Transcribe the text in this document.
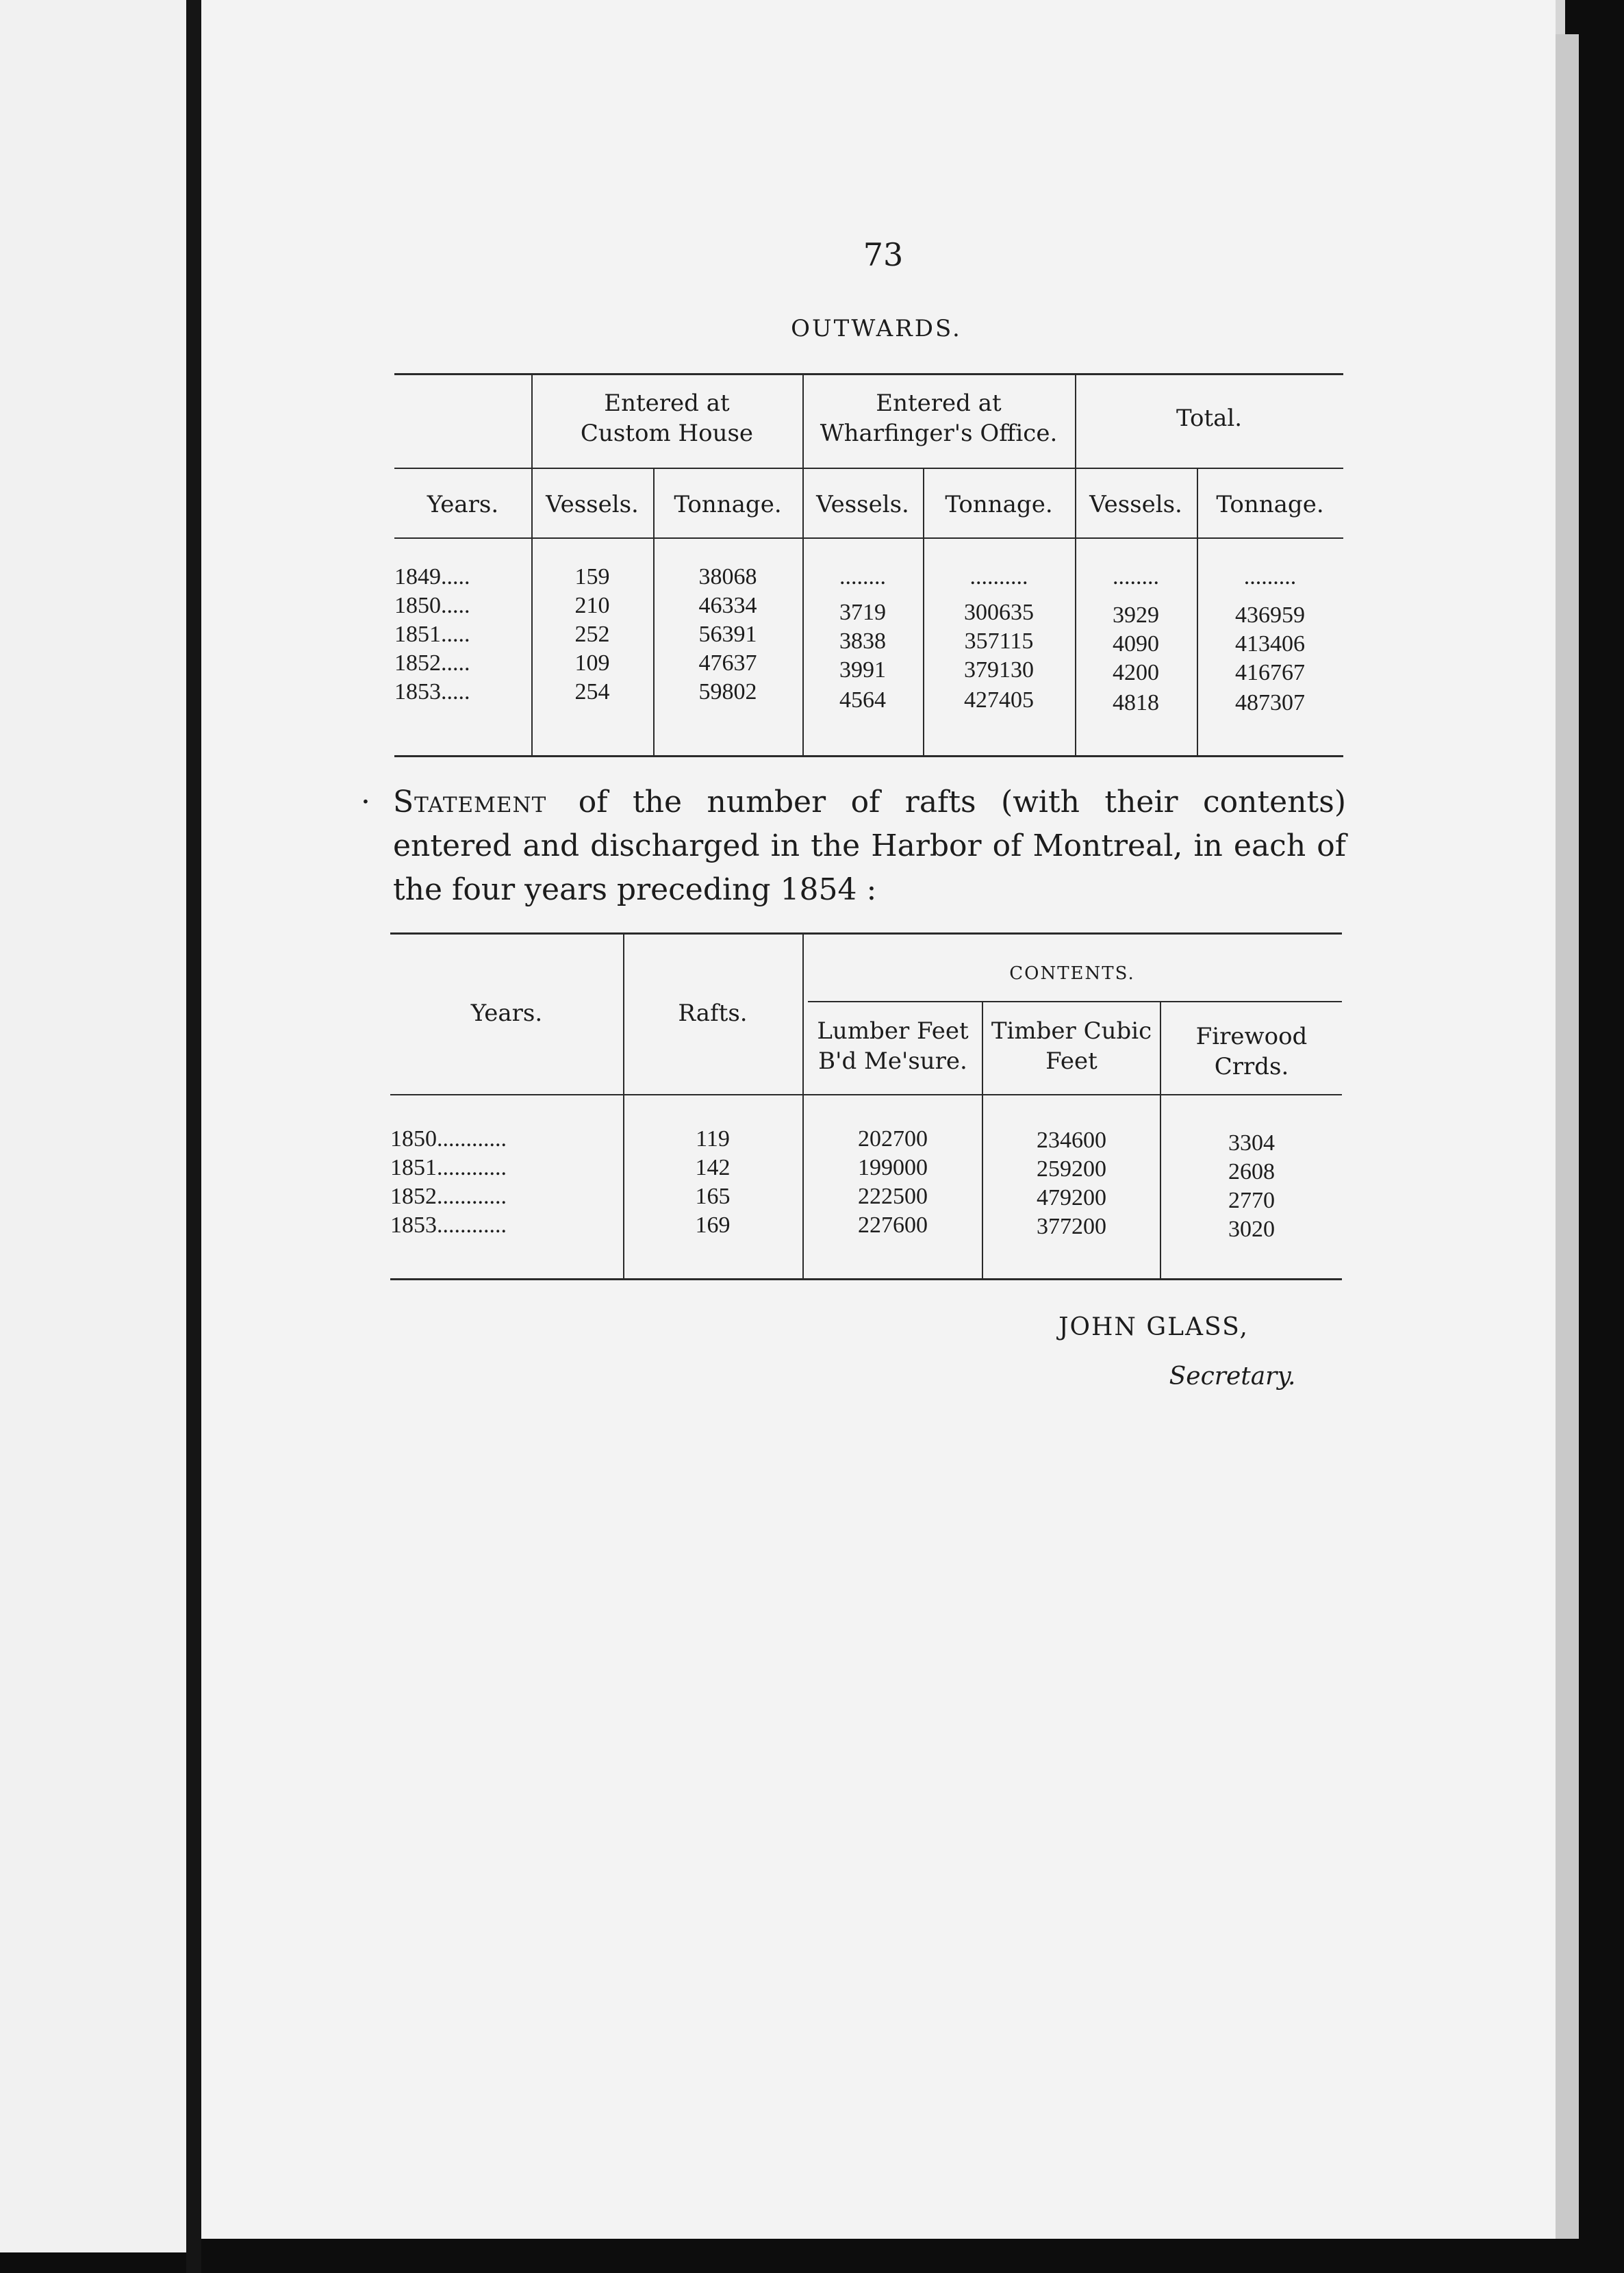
73
OUTWARDS.
Entered at
Custom House
Entered at
Wharfinger's Office.
Total.
Years.	Vessels.	Tonnage.	Vessels.	Tonnage.	Vessels.	Tonnage.
1849.....	159	38068	........	..........	........	.........
1850.....	210	46334	3719	300635	3929	436959
1851.....	252	56391	3838	357115	4090	413406
1852.....	109	47637	3991	379130	4200	416767
1853.....	254	59802	4564	427405	4818	487307
· Statement of the number of rafts (with their contents) entered and discharged in the Harbor of Montreal, in each of the four years preceding 1854 :
Years.	Rafts.
CONTENTS.
Lumber Feet
B'd Me'sure.
Timber Cubic
Feet
Firewood
Crrds.
1850............	119	202700	234600	3304
1851............	142	199000	259200	2608
1852............	165	222500	479200	2770
1853............	169	227600	377200	3020
JOHN GLASS,
Secretary.
